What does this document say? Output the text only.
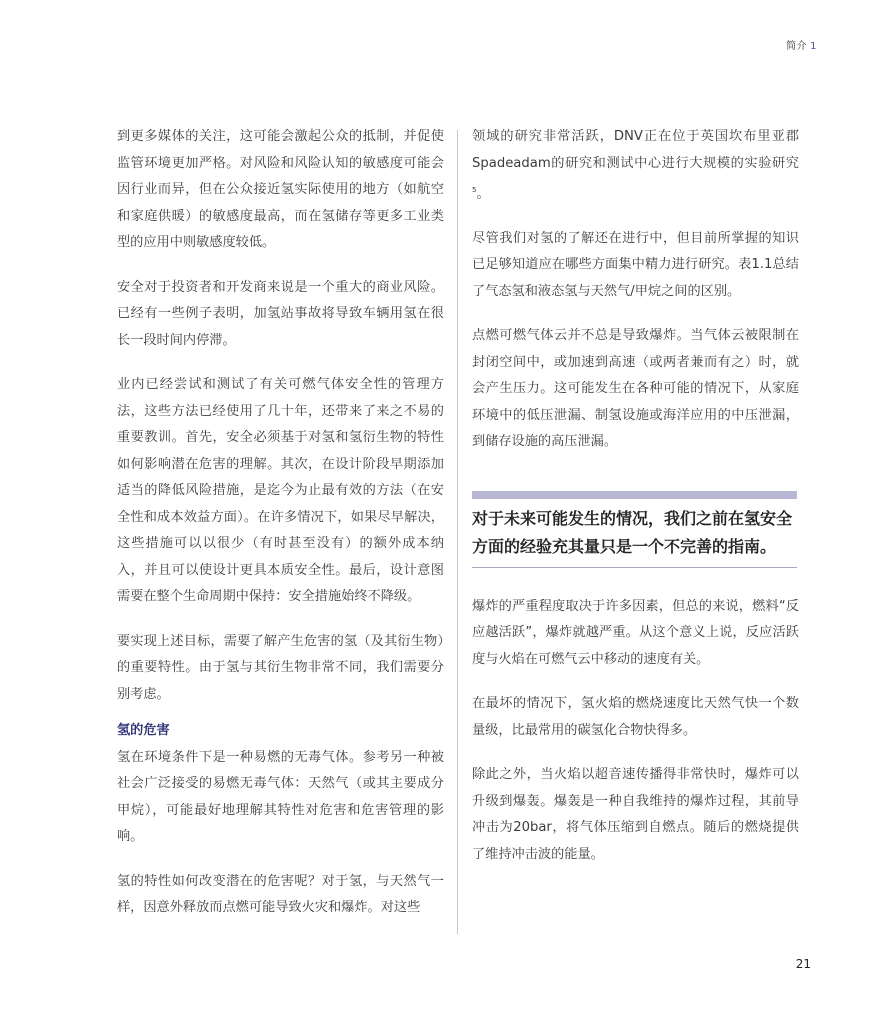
简介 1

到更多媒体的关注，这可能会激起公众的抵制，并促使监管环境更加严格。对风险和风险认知的敏感度可能会因行业而异，但在公众接近氢实际使用的地方（如航空和家庭供暖）的敏感度最高，而在氢储存等更多工业类型的应用中则敏感度较低。

安全对于投资者和开发商来说是一个重大的商业风险。已经有一些例子表明，加氢站事故将导致车辆用氢在很长一段时间内停滞。

业内已经尝试和测试了有关可燃气体安全性的管理方法，这些方法已经使用了几十年，还带来了来之不易的重要教训。首先，安全必须基于对氢和氢衍生物的特性如何影响潜在危害的理解。其次，在设计阶段早期添加适当的降低风险措施，是迄今为止最有效的方法（在安全性和成本效益方面）。在许多情况下，如果尽早解决，这些措施可以以很少（有时甚至没有）的额外成本纳入，并且可以使设计更具本质安全性。最后，设计意图需要在整个生命周期中保持：安全措施始终不降级。

要实现上述目标，需要了解产生危害的氢（及其衍生物）的重要特性。由于氢与其衍生物非常不同，我们需要分别考虑。

氢的危害

氢在环境条件下是一种易燃的无毒气体。参考另一种被社会广泛接受的易燃无毒气体：天然气（或其主要成分甲烷），可能最好地理解其特性对危害和危害管理的影响。

氢的特性如何改变潜在的危害呢？对于氢，与天然气一样，因意外释放而点燃可能导致火灾和爆炸。对这些

领域的研究非常活跃，DNV正在位于英国坎布里亚郡Spadeadam的研究和测试中心进行大规模的实验研究$^5$。

尽管我们对氢的了解还在进行中，但目前所掌握的知识已足够知道应在哪些方面集中精力进行研究。表1.1总结了气态氢和液态氢与天然气/甲烷之间的区别。

点燃可燃气体云并不总是导致爆炸。当气体云被限制在封闭空间中，或加速到高速（或两者兼而有之）时，就会产生压力。这可能发生在各种可能的情况下，从家庭环境中的低压泄漏、制氢设施或海洋应用的中压泄漏，到储存设施的高压泄漏。

对于未来可能发生的情况，我们之前在氢安全方面的经验充其量只是一个不完善的指南。

爆炸的严重程度取决于许多因素，但总的来说，燃料“反应越活跃”，爆炸就越严重。从这个意义上说，反应活跃度与火焰在可燃气云中移动的速度有关。

在最坏的情况下，氢火焰的燃烧速度比天然气快一个数量级，比最常用的碳氢化合物快得多。

除此之外，当火焰以超音速传播得非常快时，爆炸可以升级到爆轰。爆轰是一种自我维持的爆炸过程，其前导冲击为20bar，将气体压缩到自燃点。随后的燃烧提供了维持冲击波的能量。

21
